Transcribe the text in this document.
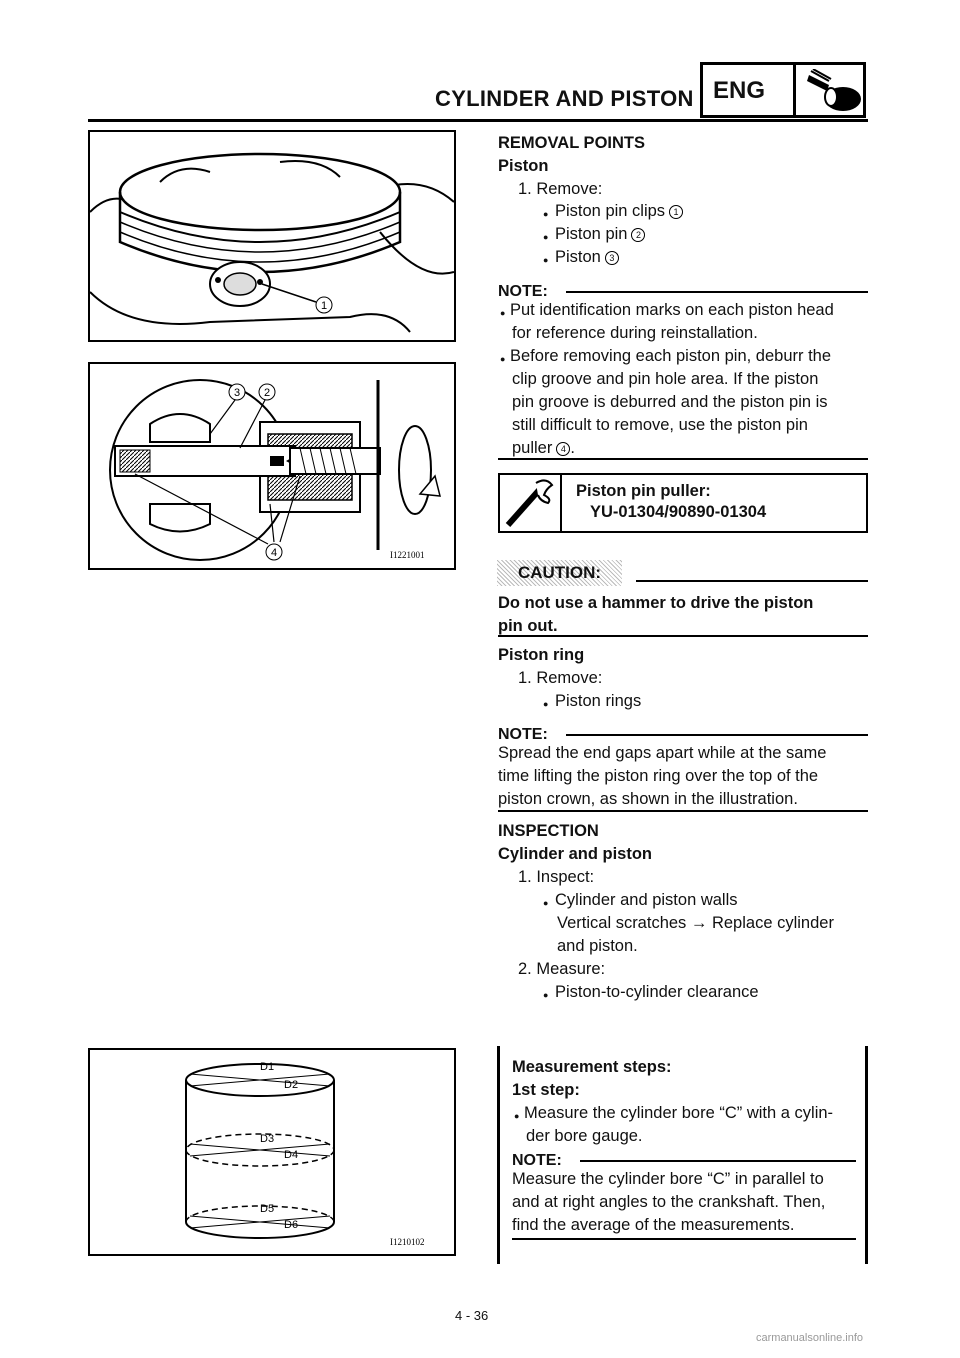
CYLINDER AND PISTON ENG
1
3 2
4	I1221001
D1
D2
D3
D4
D5
D6
I1210102
REMOVAL POINTS
Piston
1. Remove:
Piston pin clips 1
Piston pin 2
Piston 3
NOTE:
Put identification marks on each piston head
for reference during reinstallation.
Before removing each piston pin, deburr the
clip groove and pin hole area. If the piston
pin groove is deburred and the piston pin is
still difficult to remove, use the piston pin
puller 4 .
Piston pin puller:
YU-01304/90890-01304
CAUTION:
Do not use a hammer to drive the piston
pin out.
Piston ring
1. Remove:
Piston rings
NOTE:
Spread the end gaps apart while at the same
time lifting the piston ring over the top of the
piston crown, as shown in the illustration.
INSPECTION
Cylinder and piston
1. Inspect:
Cylinder and piston walls
Vertical scratches → Replace cylinder
and piston.
2. Measure:
Piston-to-cylinder clearance
Measurement steps:
1st step:
Measure the cylinder bore “C” with a cylin-
der bore gauge.
NOTE:
Measure the cylinder bore “C” in parallel to
and at right angles to the crankshaft. Then,
find the average of the measurements.
4 - 36
carmanualsonline.info
